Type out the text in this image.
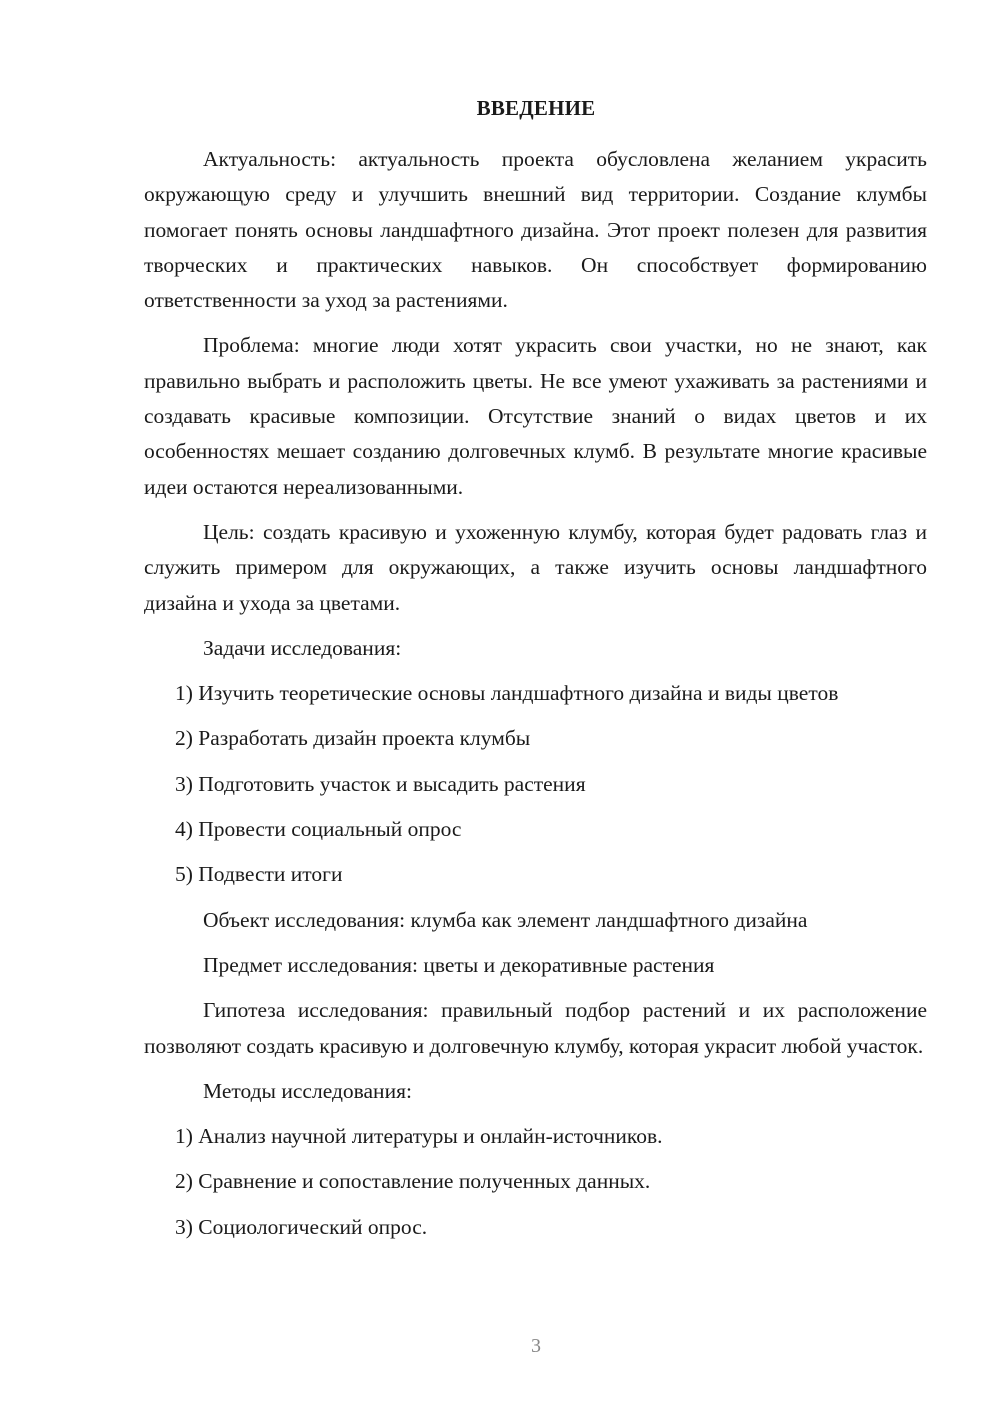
ВВЕДЕНИЕ

Актуальность: актуальность проекта обусловлена желанием украсить окружающую среду и улучшить внешний вид территории. Создание клумбы помогает понять основы ландшафтного дизайна. Этот проект полезен для развития творческих и практических навыков. Он способствует формированию ответственности за уход за растениями.

Проблема: многие люди хотят украсить свои участки, но не знают, как правильно выбрать и расположить цветы. Не все умеют ухаживать за растениями и создавать красивые композиции. Отсутствие знаний о видах цветов и их особенностях мешает созданию долговечных клумб. В результате многие красивые идеи остаются нереализованными.

Цель: создать красивую и ухоженную клумбу, которая будет радовать глаз и служить примером для окружающих, а также изучить основы ландшафтного дизайна и ухода за цветами.

Задачи исследования:

1) Изучить теоретические основы ландшафтного дизайна и виды цветов

2) Разработать дизайн проекта клумбы

3) Подготовить участок и высадить растения

4) Провести социальный опрос

5) Подвести итоги

Объект исследования: клумба как элемент ландшафтного дизайна

Предмет исследования: цветы и декоративные растения

Гипотеза исследования: правильный подбор растений и их расположение позволяют создать красивую и долговечную клумбу, которая украсит любой участок.

Методы исследования:

1) Анализ научной литературы и онлайн-источников.

2) Сравнение и сопоставление полученных данных.

3) Социологический опрос.

3
